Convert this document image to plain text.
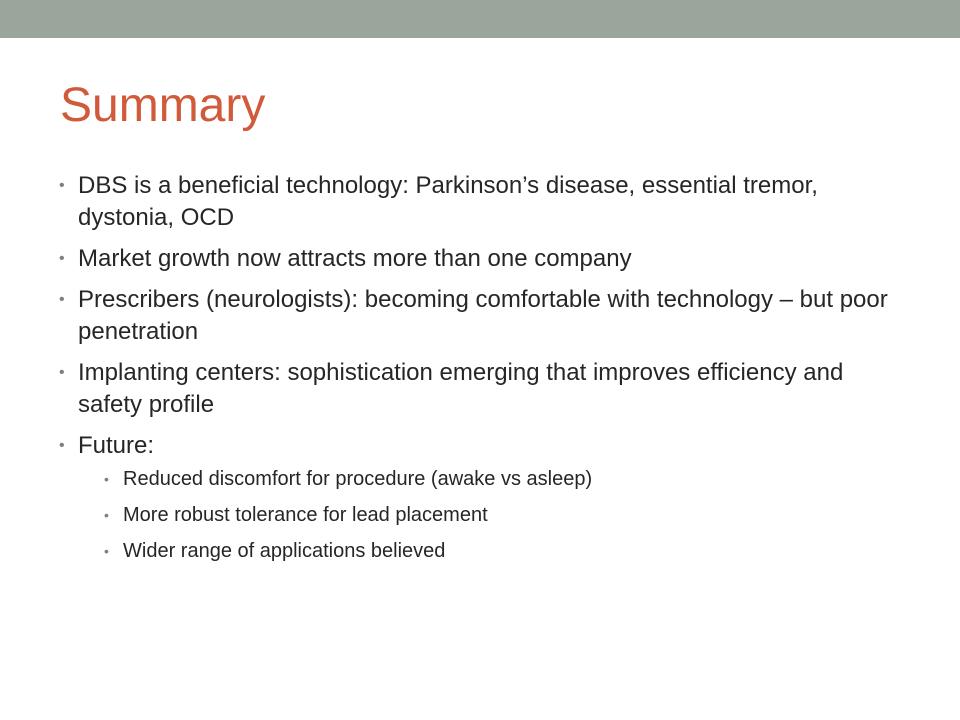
Summary
• DBS is a beneficial technology: Parkinson’s disease, essential tremor, dystonia, OCD
• Market growth now attracts more than one company
• Prescribers (neurologists): becoming comfortable with technology – but poor penetration
• Implanting centers: sophistication emerging that improves efficiency and safety profile
• Future:
• Reduced discomfort for procedure (awake vs asleep)
• More robust tolerance for lead placement
• Wider range of applications believed
